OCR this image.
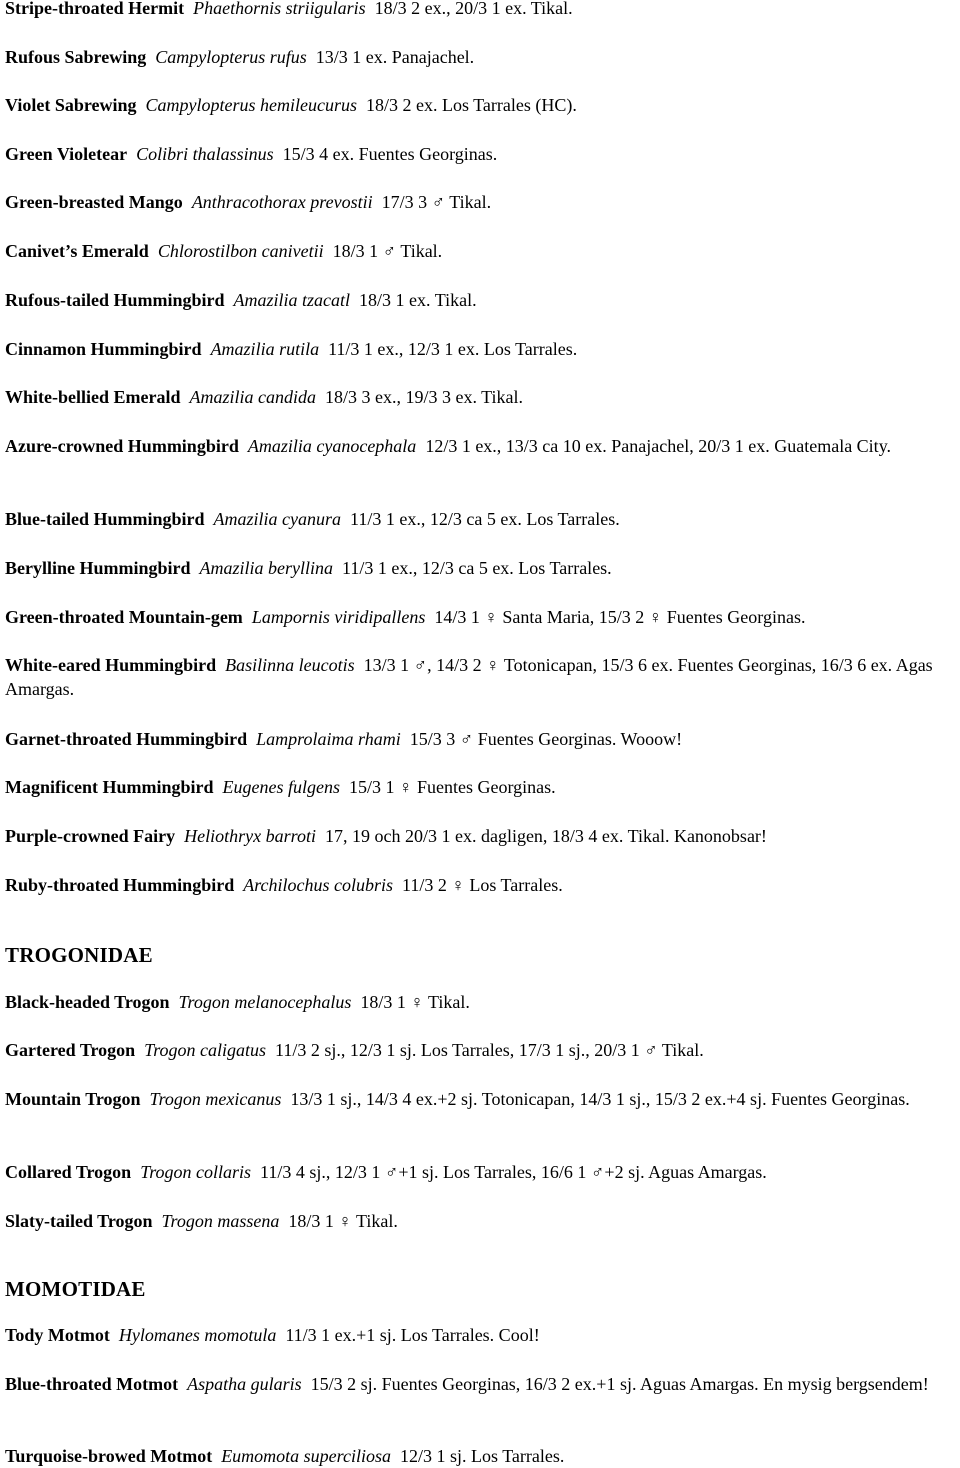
Stripe-throated Hermit Phaethornis striigularis 18/3 2 ex., 20/3 1 ex. Tikal.
Rufous Sabrewing Campylopterus rufus 13/3 1 ex. Panajachel.
Violet Sabrewing Campylopterus hemileucurus 18/3 2 ex. Los Tarrales (HC).
Green Violetear Colibri thalassinus 15/3 4 ex. Fuentes Georginas.
Green-breasted Mango Anthracothorax prevostii 17/3 3 ♂ Tikal.
Canivet’s Emerald Chlorostilbon canivetii 18/3 1 ♂ Tikal.
Rufous-tailed Hummingbird Amazilia tzacatl 18/3 1 ex. Tikal.
Cinnamon Hummingbird Amazilia rutila 11/3 1 ex., 12/3 1 ex. Los Tarrales.
White-bellied Emerald Amazilia candida 18/3 3 ex., 19/3 3 ex. Tikal.
Azure-crowned Hummingbird Amazilia cyanocephala 12/3 1 ex., 13/3 ca 10 ex. Panajachel, 20/3 1 ex. Guatemala City.
Blue-tailed Hummingbird Amazilia cyanura 11/3 1 ex., 12/3 ca 5 ex. Los Tarrales.
Berylline Hummingbird Amazilia beryllina 11/3 1 ex., 12/3 ca 5 ex. Los Tarrales.
Green-throated Mountain-gem Lampornis viridipallens 14/3 1 ♀ Santa Maria, 15/3 2 ♀ Fuentes Georginas.
White-eared Hummingbird Basilinna leucotis 13/3 1 ♂, 14/3 2 ♀ Totonicapan, 15/3 6 ex. Fuentes Georginas, 16/3 6 ex. Agas Amargas.
Garnet-throated Hummingbird Lamprolaima rhami 15/3 3 ♂ Fuentes Georginas. Wooow!
Magnificent Hummingbird Eugenes fulgens 15/3 1 ♀ Fuentes Georginas.
Purple-crowned Fairy Heliothryx barroti 17, 19 och 20/3 1 ex. dagligen, 18/3 4 ex. Tikal. Kanonobsar!
Ruby-throated Hummingbird Archilochus colubris 11/3 2 ♀ Los Tarrales.
TROGONIDAE
Black-headed Trogon Trogon melanocephalus 18/3 1 ♀ Tikal.
Gartered Trogon Trogon caligatus 11/3 2 sj., 12/3 1 sj. Los Tarrales, 17/3 1 sj., 20/3 1 ♂ Tikal.
Mountain Trogon Trogon mexicanus 13/3 1 sj., 14/3 4 ex.+2 sj. Totonicapan, 14/3 1 sj., 15/3 2 ex.+4 sj. Fuentes Georginas.
Collared Trogon Trogon collaris 11/3 4 sj., 12/3 1 ♂+1 sj. Los Tarrales, 16/6 1 ♂+2 sj. Aguas Amargas.
Slaty-tailed Trogon Trogon massena 18/3 1 ♀ Tikal.
MOMOTIDAE
Tody Motmot Hylomanes momotula 11/3 1 ex.+1 sj. Los Tarrales. Cool!
Blue-throated Motmot Aspatha gularis 15/3 2 sj. Fuentes Georginas, 16/3 2 ex.+1 sj. Aguas Amargas. En mysig bergsendem!
Turquoise-browed Motmot Eumomota superciliosa 12/3 1 sj. Los Tarrales.
